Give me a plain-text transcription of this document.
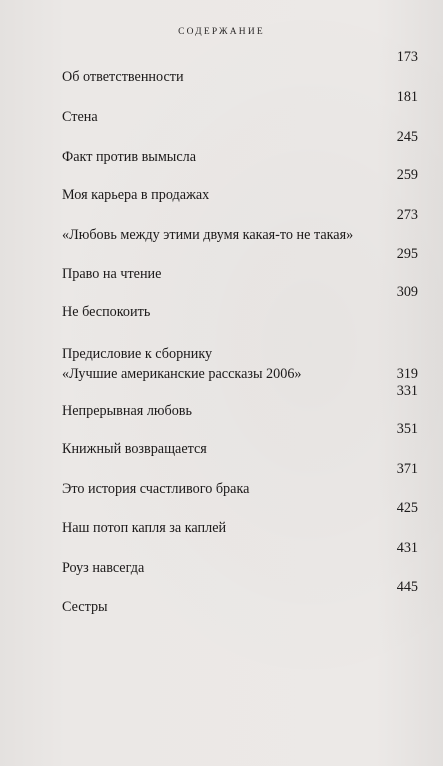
СОДЕРЖАНИЕ
Об ответственности
173
Стена
181
Факт против вымысла
245
Моя карьера в продажах
259
«Любовь между этими двумя какая-то не такая»
273
Право на чтение
295
Не беспокоить
309
Предисловие к сборнику
«Лучшие американские рассказы 2006»	319
Непрерывная любовь
331
Книжный возвращается
351
Это история счастливого брака
371
Наш потоп капля за каплей
425
Роуз навсегда
431
Сестры
445
